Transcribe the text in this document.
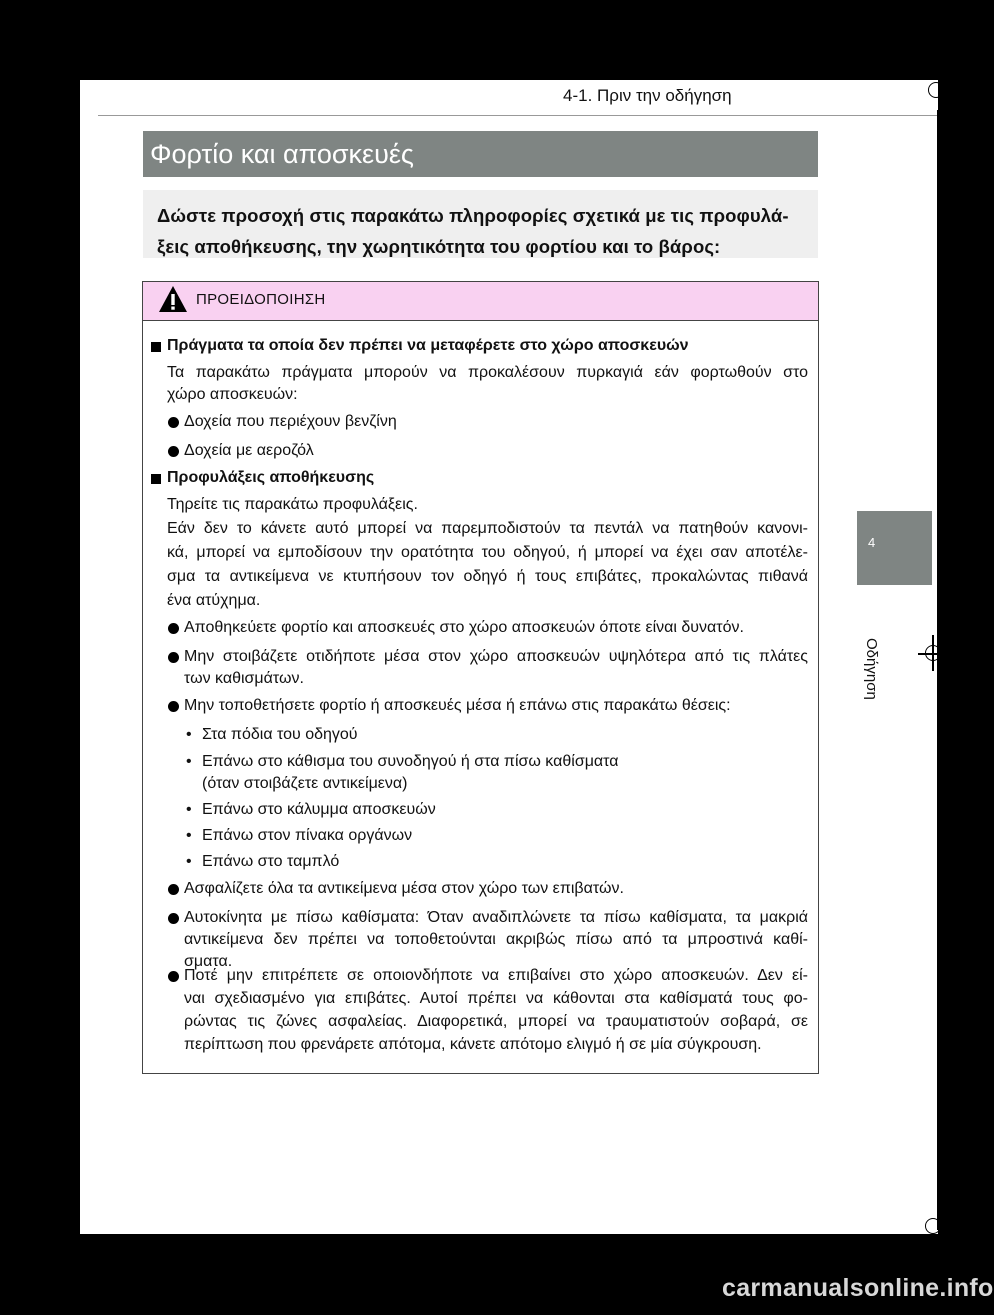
4-1. Πριν την οδήγηση
Φορτίο και αποσκευές
Δώστε προσοχή στις παρακάτω πληροφορίες σχετικά με τις προφυλά- ξεις αποθήκευσης, την χωρητικότητα του φορτίου και το βάρος:
ΠΡΟΕΙΔΟΠΟΙΗΣΗ
Πράγματα τα οποία δεν πρέπει να μεταφέρετε στο χώρο αποσκευών
Τα παρακάτω πράγματα μπορούν να προκαλέσουν πυρκαγιά εάν φορτωθούν στο
χώρο αποσκευών:
Δοχεία που περιέχουν βενζίνη
Δοχεία με αεροζόλ
Προφυλάξεις αποθήκευσης
Τηρείτε τις παρακάτω προφυλάξεις.
Εάν δεν το κάνετε αυτό μπορεί να παρεμποδιστούν τα πεντάλ να πατηθούν κανονι-
κά, μπορεί να εμποδίσουν την ορατότητα του οδηγού, ή μπορεί να έχει σαν αποτέλε-
σμα τα αντικείμενα νε κτυπήσουν τον οδηγό ή τους επιβάτες, προκαλώντας πιθανά
ένα ατύχημα.
Αποθηκεύετε φορτίο και αποσκευές στο χώρο αποσκευών όποτε είναι δυνατόν.
Μην στοιβάζετε οτιδήποτε μέσα στον χώρο αποσκευών υψηλότερα από τις πλάτες
των καθισμάτων.
Μην τοποθετήσετε φορτίο ή αποσκευές μέσα ή επάνω στις παρακάτω θέσεις:
• Στα πόδια του οδηγού
• Επάνω στο κάθισμα του συνοδηγού ή στα πίσω καθίσματα
(όταν στοιβάζετε αντικείμενα)
• Επάνω στο κάλυμμα αποσκευών
• Επάνω στον πίνακα οργάνων
• Επάνω στο ταμπλό
Ασφαλίζετε όλα τα αντικείμενα μέσα στον χώρο των επιβατών.
Αυτοκίνητα με πίσω καθίσματα: Όταν αναδιπλώνετε τα πίσω καθίσματα, τα μακριά
αντικείμενα δεν πρέπει να τοποθετούνται ακριβώς πίσω από τα μπροστινά καθί-
σματα.
Ποτέ μην επιτρέπετε σε οποιονδήποτε να επιβαίνει στο χώρο αποσκευών. Δεν εί-
ναι σχεδιασμένο για επιβάτες. Αυτοί πρέπει να κάθονται στα καθίσματά τους φο-
ρώντας τις ζώνες ασφαλείας. Διαφορετικά, μπορεί να τραυματιστούν σοβαρά, σε
περίπτωση που φρενάρετε απότομα, κάνετε απότομο ελιγμό ή σε μία σύγκρουση.
4
Οδήγηση
carmanualsonline.info
